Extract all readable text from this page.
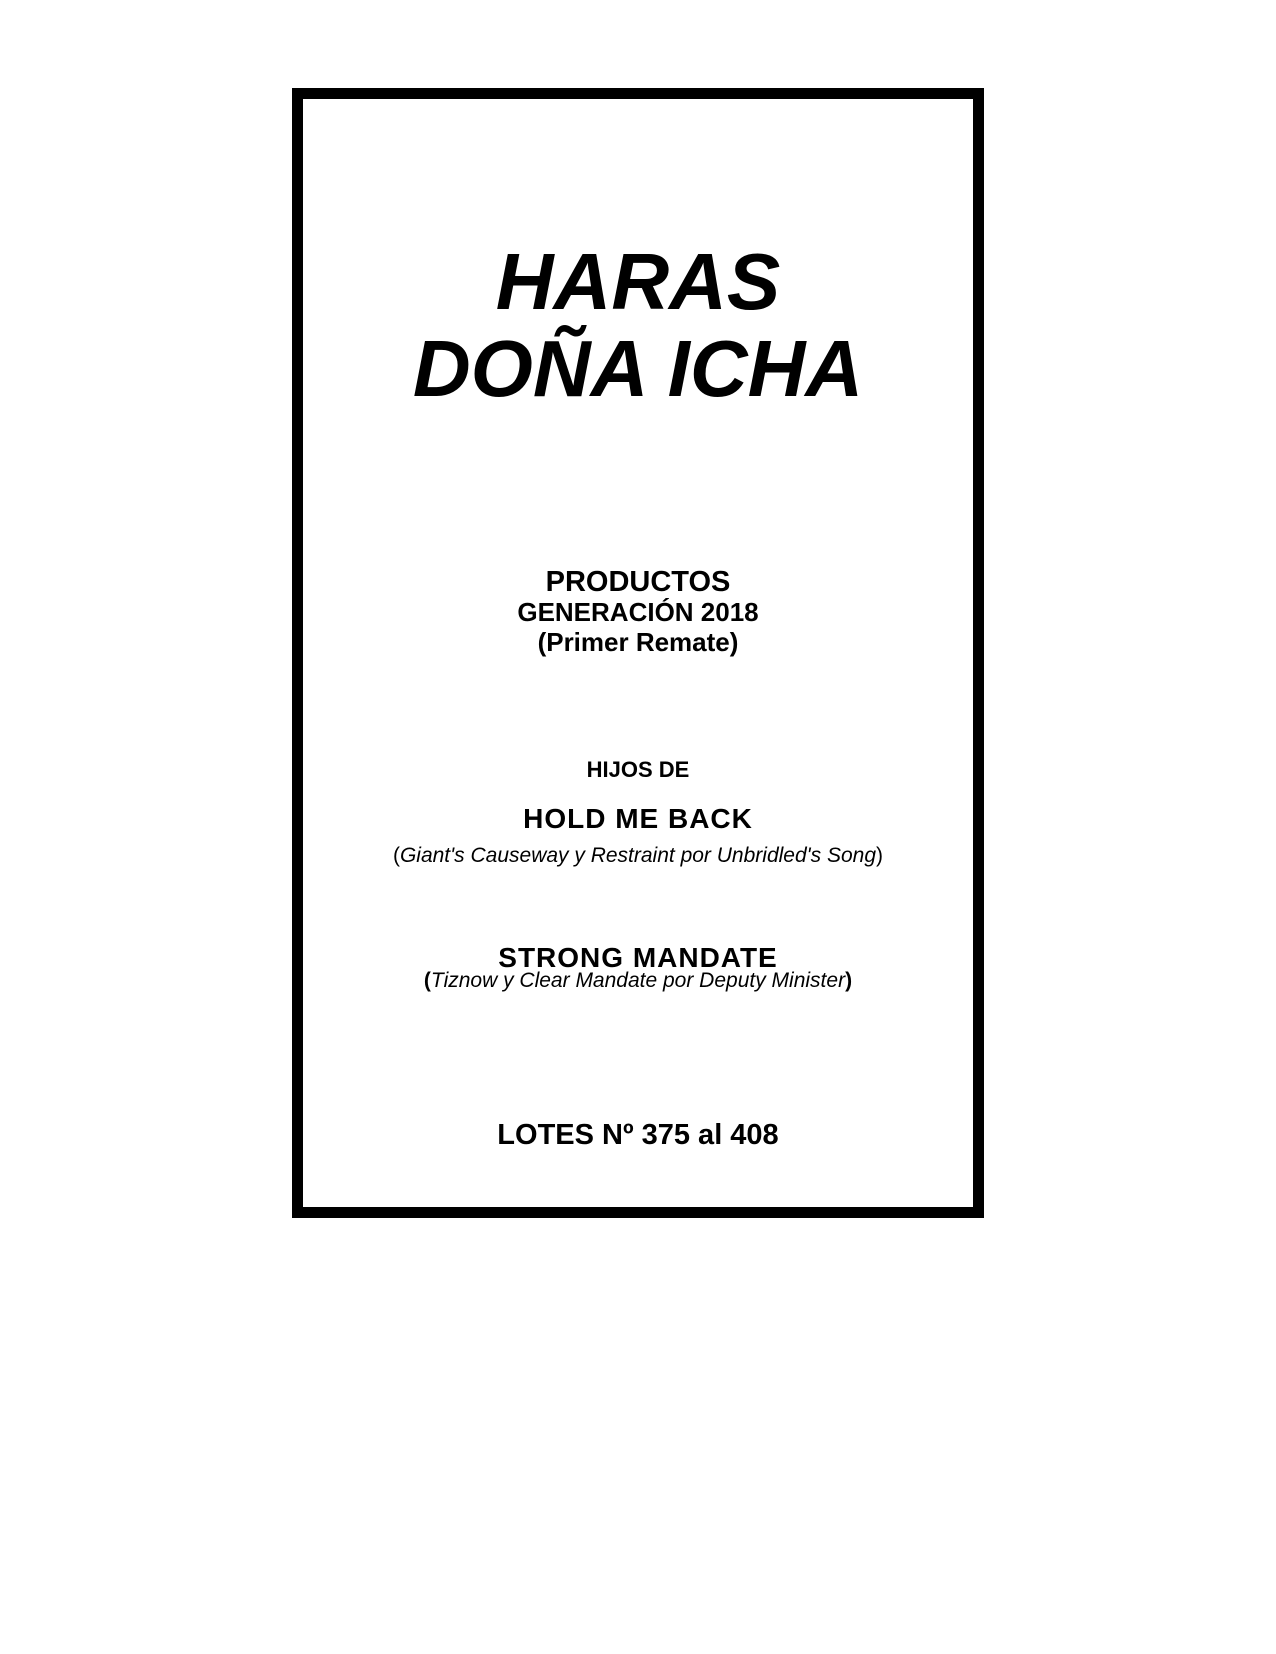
HARAS
DOÑA ICHA
PRODUCTOS
GENERACIÓN 2018
(Primer Remate)
HIJOS DE
HOLD ME BACK
(Giant's Causeway y Restraint por Unbridled's Song)
STRONG MANDATE
(Tiznow y Clear Mandate por Deputy Minister)
LOTES Nº 375 al 408
